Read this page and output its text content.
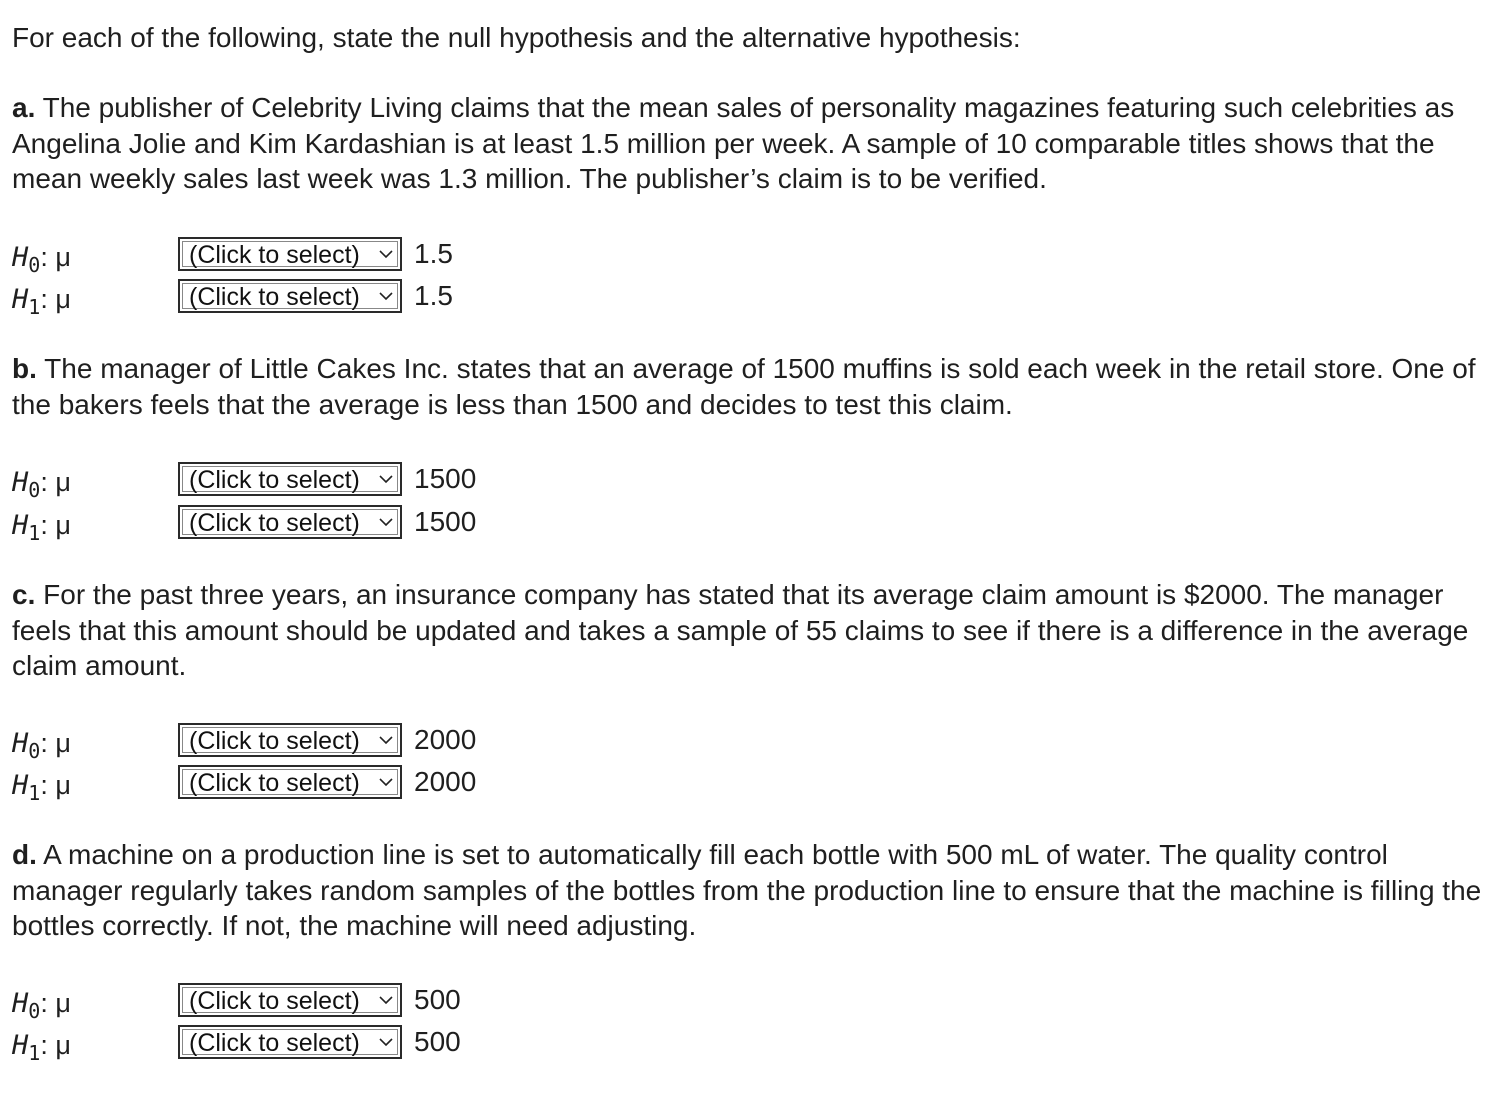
For each of the following, state the null hypothesis and the alternative hypothesis:

a. The publisher of Celebrity Living claims that the mean sales of personality magazines featuring such celebrities as Angelina Jolie and Kim Kardashian is at least 1.5 million per week. A sample of 10 comparable titles shows that the mean weekly sales last week was 1.3 million. The publisher’s claim is to be verified.

$H_0$: μ	(Click to select) 1.5
$H_1$: μ	(Click to select) 1.5

b. The manager of Little Cakes Inc. states that an average of 1500 muffins is sold each week in the retail store. One of the bakers feels that the average is less than 1500 and decides to test this claim.

$H_0$: μ	(Click to select) 1500
$H_1$: μ	(Click to select) 1500

c. For the past three years, an insurance company has stated that its average claim amount is $2000. The manager feels that this amount should be updated and takes a sample of 55 claims to see if there is a difference in the average claim amount.

$H_0$: μ	(Click to select) 2000
$H_1$: μ	(Click to select) 2000

d. A machine on a production line is set to automatically fill each bottle with 500 mL of water. The quality control manager regularly takes random samples of the bottles from the production line to ensure that the machine is filling the bottles correctly. If not, the machine will need adjusting.

$H_0$: μ	(Click to select) 500
$H_1$: μ	(Click to select) 500
